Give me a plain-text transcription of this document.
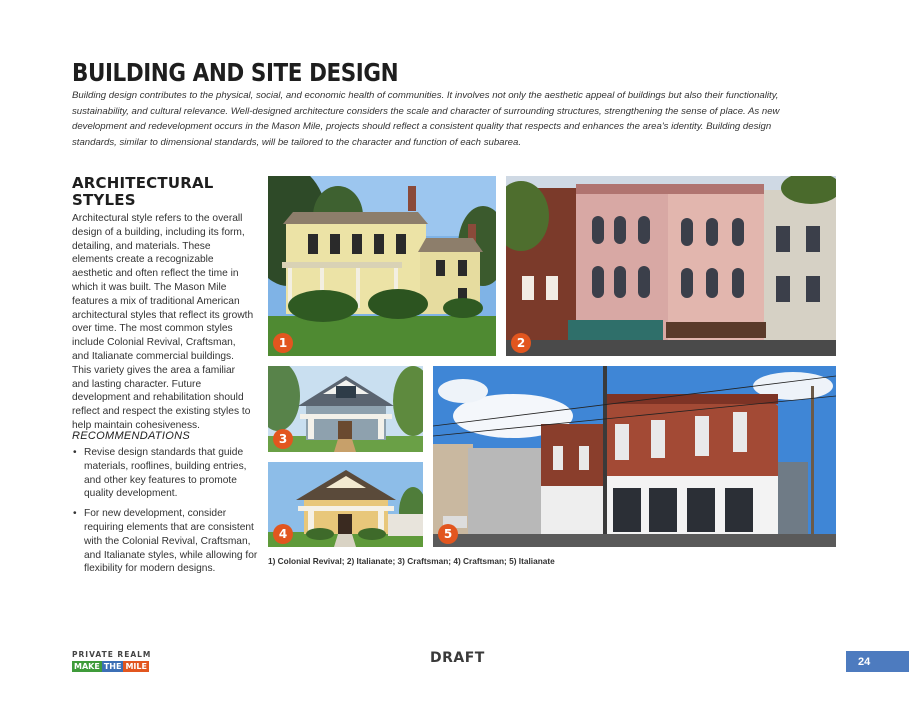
BUILDING AND SITE DESIGN
Building design contributes to the physical, social, and economic health of communities. It involves not only the aesthetic appeal of buildings but also their functionality, sustainability, and cultural relevance. Well-designed architecture considers the scale and character of surrounding structures, strengthening the sense of place. As new development and redevelopment occurs in the Mason Mile, projects should reflect a consistent quality that respects and enhances the area's identity. Building design standards, similar to dimensional standards, will be tailored to the character and function of each subarea.
ARCHITECTURAL STYLES
Architectural style refers to the overall design of a building, including its form, detailing, and materials. These elements create a recognizable aesthetic and often reflect the time in which it was built. The Mason Mile features a mix of traditional American architectural styles that reflect its growth over time. The most common styles include Colonial Revival, Craftsman, and Italianate commercial buildings. This variety gives the area a familiar and lasting character. Future development and rehabilitation should reflect and respect the existing styles to help maintain cohesiveness.
RECOMMENDATIONS
• Revise design standards that guide materials, rooflines, building entries, and other key features to promote quality development.
• For new development, consider requiring elements that are consistent with the Colonial Revival, Craftsman, and Italianate styles, while allowing for flexibility for modern designs.
1	2
3
4	5
1) Colonial Revival; 2) Italianate; 3) Craftsman; 4) Craftsman; 5) Italianate
PRIVATE REALM
MAKE THE MILE
DRAFT	24
